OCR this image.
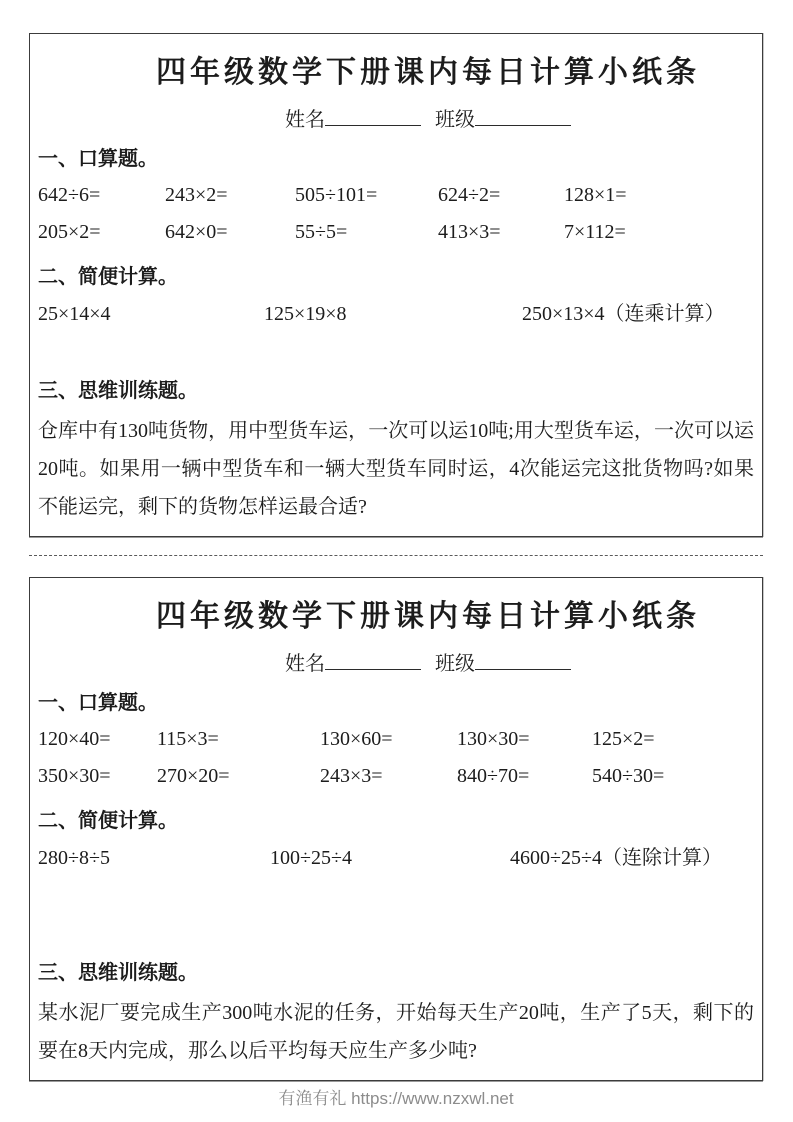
四年级数学下册课内每日计算小纸条
姓名	班级
一、口算题。
642÷6=	243×2=	505÷101=	624÷2=	128×1=
205×2=	642×0=	55÷5=	413×3=	7×112=
二、简便计算。
25×14×4	125×19×8	250×13×4（连乘计算）
三、思维训练题。

仓库中有130吨货物，用中型货车运，一次可以运10吨;用大型货车运，一次可以运20吨。如果用一辆中型货车和一辆大型货车同时运，4次能运完这批货物吗?如果不能运完，剩下的货物怎样运最合适?

四年级数学下册课内每日计算小纸条
姓名	班级
一、口算题。
120×40=	115×3=	130×60=	130×30=	125×2=
350×30=	270×20=	243×3=	840÷70=	540÷30=
二、简便计算。
280÷8÷5	100÷25÷4	4600÷25÷4（连除计算）
三、思维训练题。

某水泥厂要完成生产300吨水泥的任务，开始每天生产20吨，生产了5天，剩下的要在8天内完成，那么以后平均每天应生产多少吨?

有渔有礼 https://www.nzxwl.net
